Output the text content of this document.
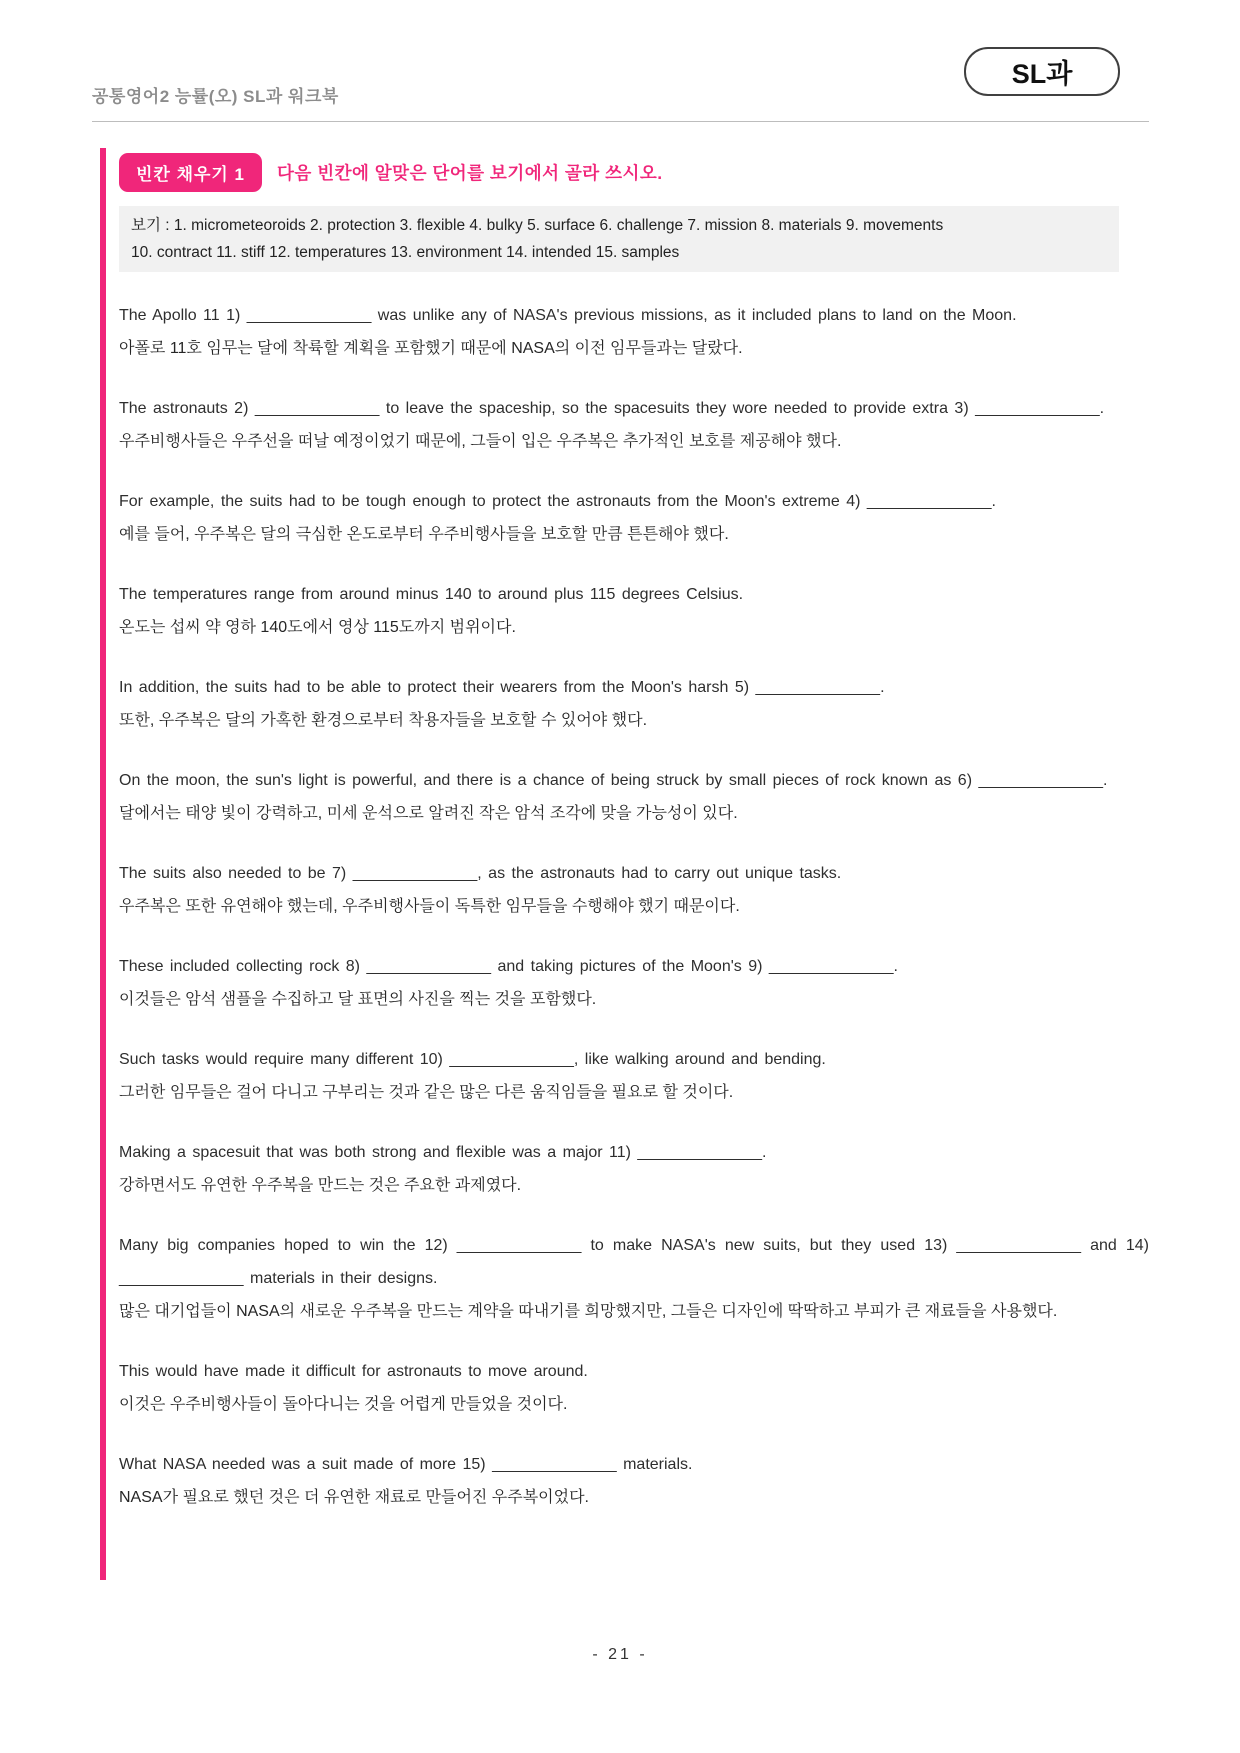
공통영어2 능률(오) SL과 워크북
SL과
빈칸 채우기 1	다음 빈칸에 알맞은 단어를 보기에서 골라 쓰시오.
보기 : 1. micrometeoroids 2. protection 3. flexible 4. bulky 5. surface 6. challenge 7. mission 8. materials 9. movements
10. contract 11. stiff 12. temperatures 13. environment 14. intended 15. samples
The Apollo 11 1) ______________ was unlike any of NASA's previous missions, as it included plans to land on the Moon.
아폴로 11호 임무는 달에 착륙할 계획을 포함했기 때문에 NASA의 이전 임무들과는 달랐다.
The astronauts 2) ______________ to leave the spaceship, so the spacesuits they wore needed to provide extra 3) ______________.
우주비행사들은 우주선을 떠날 예정이었기 때문에, 그들이 입은 우주복은 추가적인 보호를 제공해야 했다.
For example, the suits had to be tough enough to protect the astronauts from the Moon's extreme 4) ______________.
예를 들어, 우주복은 달의 극심한 온도로부터 우주비행사들을 보호할 만큼 튼튼해야 했다.
The temperatures range from around minus 140 to around plus 115 degrees Celsius.
온도는 섭씨 약 영하 140도에서 영상 115도까지 범위이다.
In addition, the suits had to be able to protect their wearers from the Moon's harsh 5) ______________.
또한, 우주복은 달의 가혹한 환경으로부터 착용자들을 보호할 수 있어야 했다.
On the moon, the sun's light is powerful, and there is a chance of being struck by small pieces of rock known as 6) ______________.
달에서는 태양 빛이 강력하고, 미세 운석으로 알려진 작은 암석 조각에 맞을 가능성이 있다.
The suits also needed to be 7) ______________, as the astronauts had to carry out unique tasks.
우주복은 또한 유연해야 했는데, 우주비행사들이 독특한 임무들을 수행해야 했기 때문이다.
These included collecting rock 8) ______________ and taking pictures of the Moon's 9) ______________.
이것들은 암석 샘플을 수집하고 달 표면의 사진을 찍는 것을 포함했다.
Such tasks would require many different 10) ______________, like walking around and bending.
그러한 임무들은 걸어 다니고 구부리는 것과 같은 많은 다른 움직임들을 필요로 할 것이다.
Making a spacesuit that was both strong and flexible was a major 11) ______________.
강하면서도 유연한 우주복을 만드는 것은 주요한 과제였다.
Many big companies hoped to win the 12) ______________ to make NASA's new suits, but they used 13) ______________ and 14) ______________ materials in their designs.
많은 대기업들이 NASA의 새로운 우주복을 만드는 계약을 따내기를 희망했지만, 그들은 디자인에 딱딱하고 부피가 큰 재료들을 사용했다.
This would have made it difficult for astronauts to move around.
이것은 우주비행사들이 돌아다니는 것을 어렵게 만들었을 것이다.
What NASA needed was a suit made of more 15) ______________ materials.
NASA가 필요로 했던 것은 더 유연한 재료로 만들어진 우주복이었다.
- 21 -
